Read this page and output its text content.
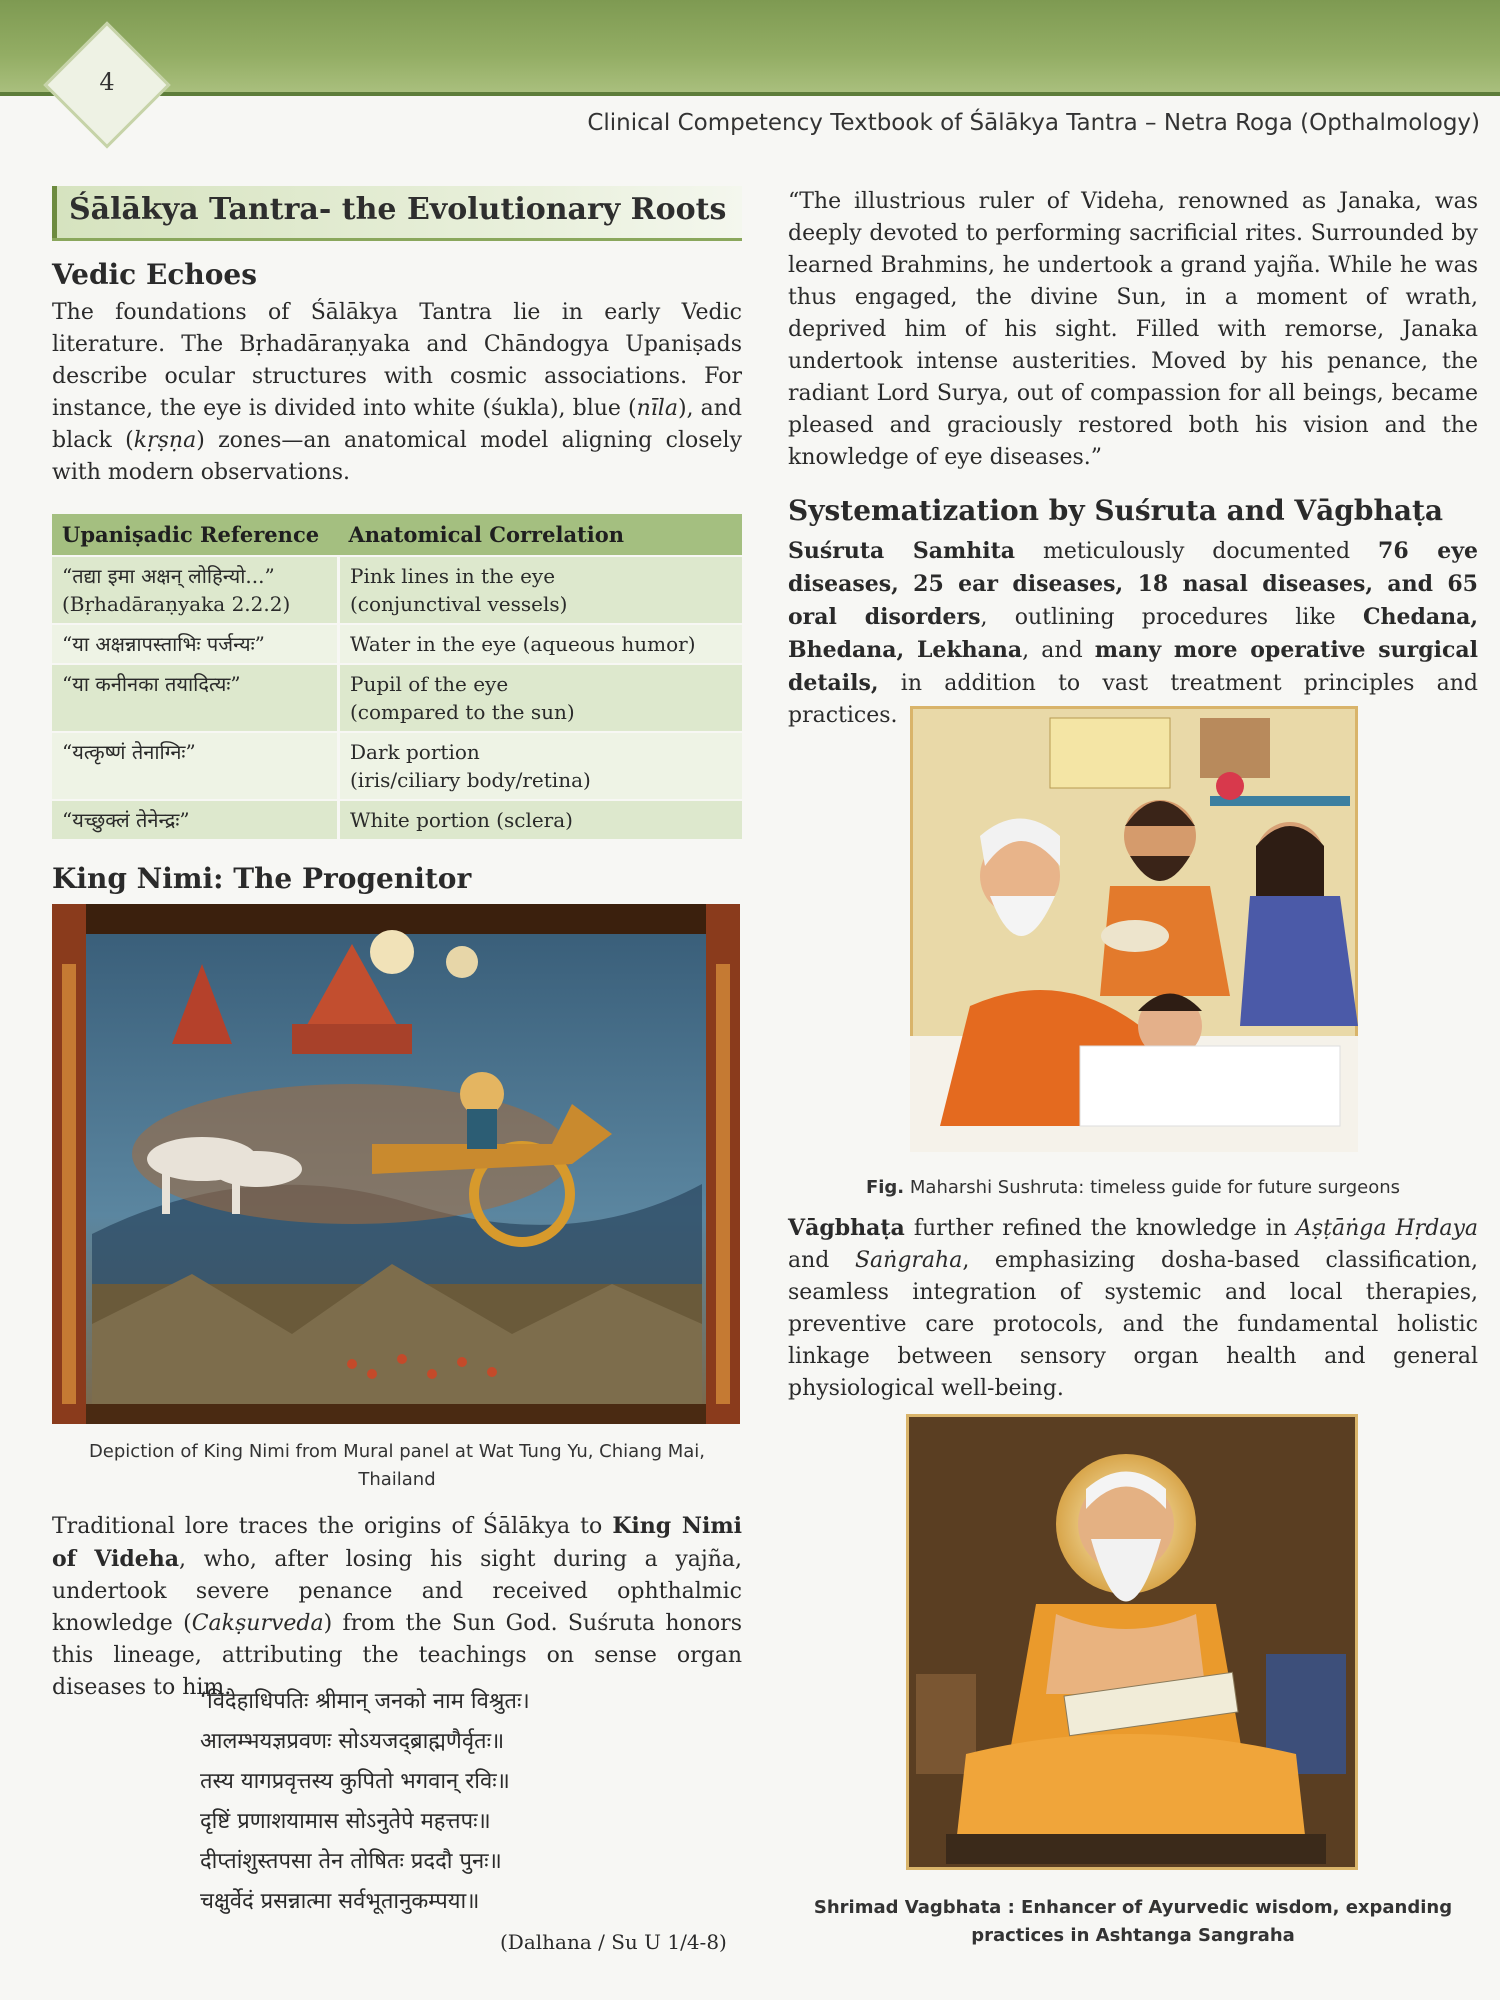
4
Clinical Competency Textbook of Śālākya Tantra – Netra Roga (Opthalmology)
Śālākya Tantra- the Evolutionary Roots
Vedic Echoes

The foundations of Śālākya Tantra lie in early Vedic literature. The Bṛhadāraṇyaka and Chāndogya Upaniṣads describe ocular structures with cosmic associations. For instance, the eye is divided into white (śukla), blue (nīla), and black (kṛṣṇa) zones—an anatomical model aligning closely with modern observations.

Upaniṣadic Reference	Anatomical Correlation
“तद्या इमा अक्षन् लोहिन्यो...”
(Bṛhadāraṇyaka 2.2.2)	Pink lines in the eye
(conjunctival vessels)
“या अक्षन्नापस्ताभिः पर्जन्यः”	Water in the eye (aqueous humor)
“या कनीनका तयादित्यः”	Pupil of the eye
(compared to the sun)
“यत्कृष्णं तेनाग्निः”	Dark portion
(iris/ciliary body/retina)
“यच्छुक्लं तेनेन्द्रः”	White portion (sclera)
King Nimi: The Progenitor
Depiction of King Nimi from Mural panel at Wat Tung Yu, Chiang Mai,
Thailand

Traditional lore traces the origins of Śālākya to King Nimi of Videha, who, after losing his sight during a yajña, undertook severe penance and received ophthalmic knowledge (Cakṣurveda) from the Sun God. Suśruta honors this lineage, attributing the teachings on sense organ diseases to him.

‘विदेहाधिपतिः श्रीमान् जनको नाम विश्रुतः।
आलम्भयज्ञप्रवणः सोऽयजद्ब्राह्मणैर्वृतः॥
तस्य यागप्रवृत्तस्य कुपितो भगवान् रविः॥
दृष्टिं प्रणाशयामास सोऽनुतेपे महत्तपः॥
दीप्तांशुस्तपसा तेन तोषितः प्रददौ पुनः॥
चक्षुर्वेदं प्रसन्नात्मा सर्वभूतानुकम्पया॥
(Dalhana / Su U 1/4-8)

“The illustrious ruler of Videha, renowned as Janaka, was deeply devoted to performing sacrificial rites. Surrounded by learned Brahmins, he undertook a grand yajña. While he was thus engaged, the divine Sun, in a moment of wrath, deprived him of his sight. Filled with remorse, Janaka undertook intense austerities. Moved by his penance, the radiant Lord Surya, out of compassion for all beings, became pleased and graciously restored both his vision and the knowledge of eye diseases.”

Systematization by Suśruta and Vāgbhaṭa

Suśruta Samhita meticulously documented 76 eye diseases, 25 ear diseases, 18 nasal diseases, and 65 oral disorders, outlining procedures like Chedana, Bhedana, Lekhana, and many more operative surgical details, in addition to vast treatment principles and practices.

Fig. Maharshi Sushruta: timeless guide for future surgeons

Vāgbhaṭa further refined the knowledge in Aṣṭāṅga Hṛdaya and Saṅgraha, emphasizing dosha-based classification, seamless integration of systemic and local therapies, preventive care protocols, and the fundamental holistic linkage between sensory organ health and general physiological well-being.

Shrimad Vagbhata : Enhancer of Ayurvedic wisdom, expanding
practices in Ashtanga Sangraha
